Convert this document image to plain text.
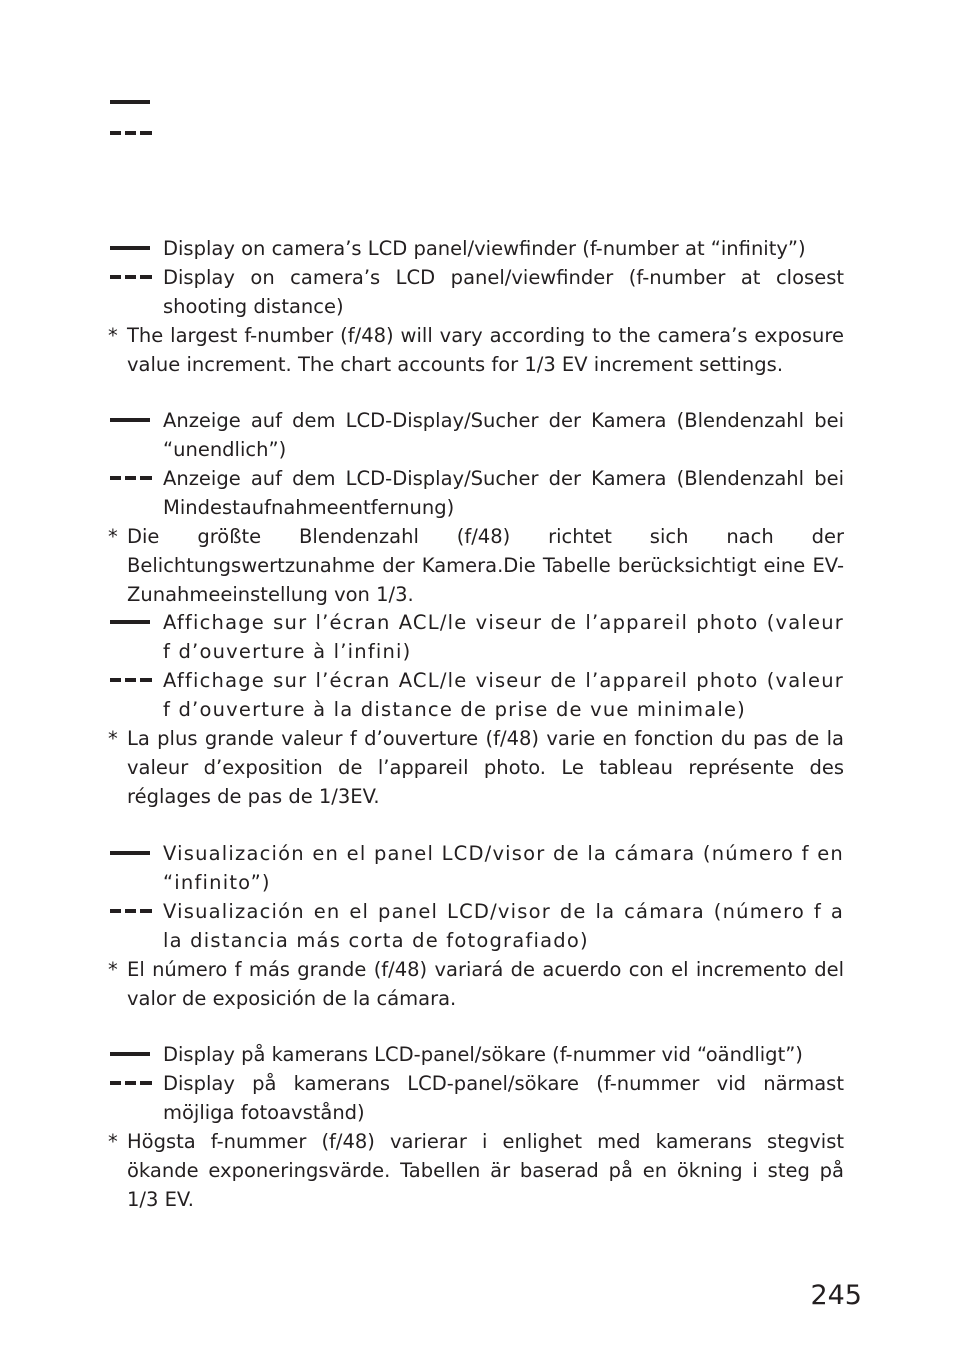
Display on camera’s LCD panel/viewfinder (f-number at “infinity”)
Display on camera’s LCD panel/viewfinder (f-number at closest shooting distance)
* The largest f-number (f/48) will vary according to the camera’s exposure value increment. The chart accounts for 1/3 EV increment settings.
Anzeige auf dem LCD-Display/Sucher der Kamera (Blendenzahl bei “unendlich”)
Anzeige auf dem LCD-Display/Sucher der Kamera (Blendenzahl bei Mindestaufnahmeentfernung)
* Die größte Blendenzahl (f/48) richtet sich nach der Belichtungswertzunahme der Kamera.Die Tabelle berücksichtigt eine EV-Zunahmeeinstellung von 1/3.
Affichage sur l’écran ACL/le viseur de l’appareil photo (valeur f d’ouverture à l’infini)
Affichage sur l’écran ACL/le viseur de l’appareil photo (valeur f d’ouverture à la distance de prise de vue minimale)
* La plus grande valeur f d’ouverture (f/48) varie en fonction du pas de la valeur d’exposition de l’appareil photo. Le tableau représente des réglages de pas de 1/3EV.
Visualización en el panel LCD/visor de la cámara (número f en “infinito”)
Visualización en el panel LCD/visor de la cámara (número f a la distancia más corta de fotografiado)
* El número f más grande (f/48) variará de acuerdo con el incremento del valor de exposición de la cámara.
Display på kamerans LCD-panel/sökare (f-nummer vid “oändligt”)
Display på kamerans LCD-panel/sökare (f-nummer vid närmast möjliga fotoavstånd)
* Högsta f-nummer (f/48) varierar i enlighet med kamerans stegvist ökande exponeringsvärde. Tabellen är baserad på en ökning i steg på 1/3 EV.
245
